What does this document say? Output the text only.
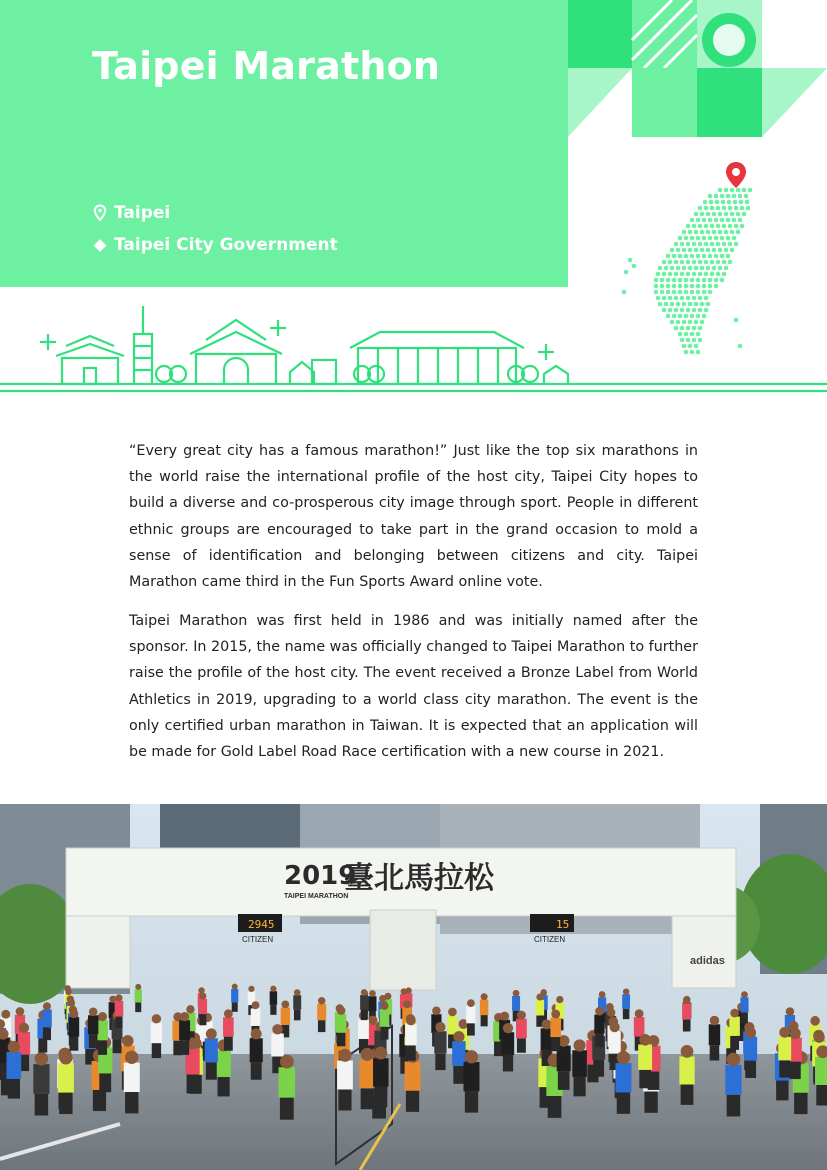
Taipei Marathon
Taipei
Taipei City Government

“Every great city has a famous marathon!” Just like the top six marathons in the world raise the international profile of the host city, Taipei City hopes to build a diverse and co-prosperous city image through sport. People in different ethnic groups are encouraged to take part in the grand occasion to mold a sense of identification and belonging between citizens and city. Taipei Marathon came third in the Fun Sports Award online vote.

Taipei Marathon was first held in 1986 and was initially named after the sponsor. In 2015, the name was officially changed to Taipei Marathon to further raise the profile of the host city. The event received a Bronze Label from World Athletics in 2019, upgrading to a world class city marathon. The event is the only certified urban marathon in Taiwan. It is expected that an application will be made for Gold Label Road Race certification with a new course in 2021.

2945	15
CITIZEN	CITIZEN
2019
臺北馬拉松
TAIPEI MARATHON
adidas
